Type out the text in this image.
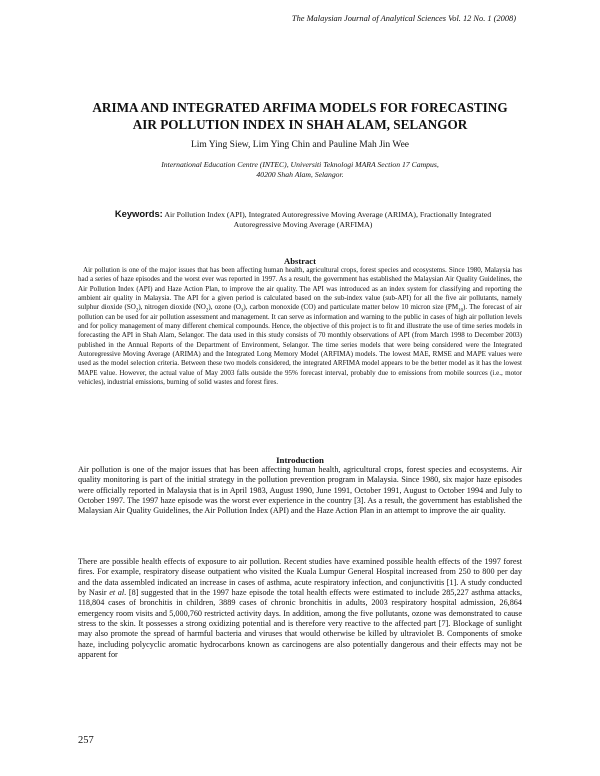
The Malaysian Journal of Analytical Sciences Vol. 12 No. 1 (2008)
ARIMA AND INTEGRATED ARFIMA MODELS FOR FORECASTING
AIR POLLUTION INDEX IN SHAH ALAM, SELANGOR
Lim Ying Siew, Lim Ying Chin and Pauline Mah Jin Wee
International Education Centre (INTEC), Universiti Teknologi MARA Section 17 Campus,
40200 Shah Alam, Selangor.
Keywords: Air Pollution Index (API), Integrated Autoregressive Moving Average (ARIMA), Fractionally Integrated Autoregressive Moving Average (ARFIMA)
Abstract
Air pollution is one of the major issues that has been affecting human health, agricultural crops, forest species and ecosystems. Since 1980, Malaysia has had a series of haze episodes and the worst ever was reported in 1997. As a result, the government has established the Malaysian Air Quality Guidelines, the Air Pollution Index (API) and Haze Action Plan, to improve the air quality. The API was introduced as an index system for classifying and reporting the ambient air quality in Malaysia. The API for a given period is calculated based on the sub-index value (sub-API) for all the five air pollutants, namely sulphur dioxide $(SO_2)$, nitrogen dioxide $(NO_2)$, ozone $(O_3)$, carbon monoxide (CO) and particulate matter below 10 micron size $(PM_{10})$. The forecast of air pollution can be used for air pollution assessment and management. It can serve as information and warning to the public in cases of high air pollution levels and for policy management of many different chemical compounds. Hence, the objective of this project is to fit and illustrate the use of time series models in forecasting the API in Shah Alam, Selangor. The data used in this study consists of 70 monthly observations of API (from March 1998 to December 2003) published in the Annual Reports of the Department of Environment, Selangor. The time series models that were being considered were the Integrated Autoregressive Moving Average (ARIMA) and the Integrated Long Memory Model (ARFIMA) models. The lowest MAE, RMSE and MAPE values were used as the model selection criteria. Between these two models considered, the integrated ARFIMA model appears to be the better model as it has the lowest MAPE value. However, the actual value of May 2003 falls outside the 95% forecast interval, probably due to emissions from mobile sources (i.e., motor vehicles), industrial emissions, burning of solid wastes and forest fires.
Introduction
Air pollution is one of the major issues that has been affecting human health, agricultural crops, forest species and ecosystems. Air quality monitoring is part of the initial strategy in the pollution prevention program in Malaysia. Since 1980, six major haze episodes were officially reported in Malaysia that is in April 1983, August 1990, June 1991, October 1991, August to October 1994 and July to October 1997. The 1997 haze episode was the worst ever experience in the country [3]. As a result, the government has established the Malaysian Air Quality Guidelines, the Air Pollution Index (API) and the Haze Action Plan in an attempt to improve the air quality.
There are possible health effects of exposure to air pollution. Recent studies have examined possible health effects of the 1997 forest fires. For example, respiratory disease outpatient who visited the Kuala Lumpur General Hospital increased from 250 to 800 per day and the data assembled indicated an increase in cases of asthma, acute respiratory infection, and conjunctivitis [1]. A study conducted by Nasir et al. [8] suggested that in the 1997 haze episode the total health effects were estimated to include 285,227 asthma attacks, 118,804 cases of bronchitis in children, 3889 cases of chronic bronchitis in adults, 2003 respiratory hospital admission, 26,864 emergency room visits and 5,000,760 restricted activity days. In addition, among the five pollutants, ozone was demonstrated to cause stress to the skin. It possesses a strong oxidizing potential and is therefore very reactive to the affected part [7]. Blockage of sunlight may also promote the spread of harmful bacteria and viruses that would otherwise be killed by ultraviolet B. Components of smoke haze, including polycyclic aromatic hydrocarbons known as carcinogens are also potentially dangerous and their effects may not be apparent for
257
